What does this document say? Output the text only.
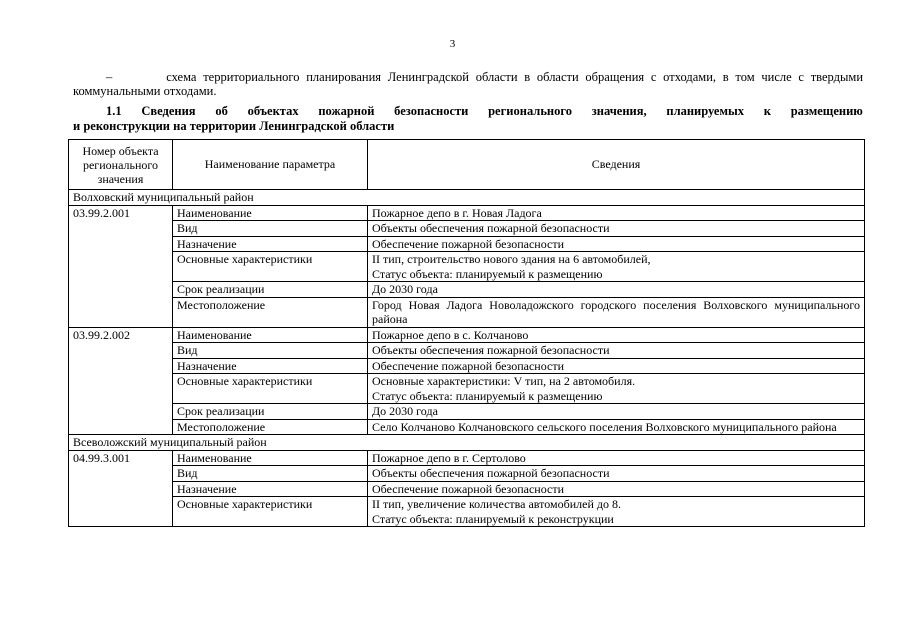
3
–	схема территориального планирования Ленинградской области в области обращения с отходами, в том числе с твердыми коммунальными отходами.
1.1 Сведения об объектах пожарной безопасности регионального значения, планируемых к размещению
и реконструкции на территории Ленинградской области
Номер объекта регионального значения	Наименование параметра	Сведения
Волховский муниципальный район		
03.99.2.001	Наименование	Пожарное депо в г. Новая Ладога

	Вид	Объекты обеспечения пожарной безопасности

	Назначение	Обеспечение пожарной безопасности

	Основные характеристики	II тип, строительство нового здания на 6 автомобилей,
Статус объекта: планируемый к размещению

	Срок реализации	До 2030 года

	Местоположение	Город Новая Ладога Новоладожского городского поселения Волховского муниципального района

03.99.2.002	Наименование	Пожарное депо в с. Колчаново

	Вид	Объекты обеспечения пожарной безопасности

	Назначение	Обеспечение пожарной безопасности

	Основные характеристики	Основные характеристики: V тип, на 2 автомобиля.
Статус объекта: планируемый к размещению

	Срок реализации	До 2030 года

	Местоположение	Село Колчаново Колчановского сельского поселения Волховского муниципального района

Всеволожский муниципальный район		
04.99.3.001	Наименование	Пожарное депо в г. Сертолово

	Вид	Объекты обеспечения пожарной безопасности

	Назначение	Обеспечение пожарной безопасности

	Основные характеристики	II тип, увеличение количества автомобилей до 8.
Статус объекта: планируемый к реконструкции
